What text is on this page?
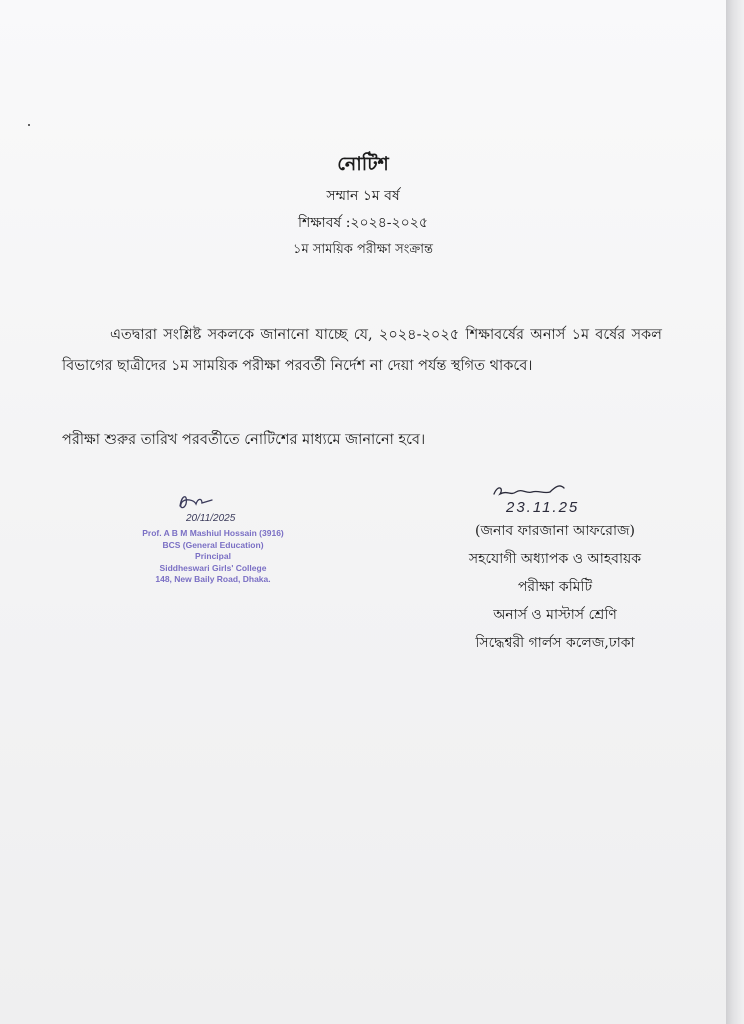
নোটিশ
সম্মান ১ম বর্ষ
শিক্ষাবর্ষ :২০২৪-২০২৫
১ম সাময়িক পরীক্ষা সংক্রান্ত
এতদ্বারা সংশ্লিষ্ট সকলকে জানানো যাচ্ছে যে, ২০২৪-২০২৫ শিক্ষাবর্ষের অনার্স ১ম বর্ষের সকল বিভাগের ছাত্রীদের ১ম সাময়িক পরীক্ষা পরবর্তী নির্দেশ না দেয়া পর্যন্ত স্থগিত থাকবে।
পরীক্ষা শুরুর তারিখ পরবর্তীতে নোটিশের মাধ্যমে জানানো হবে।
20/11/2025
Prof. A B M Mashiul Hossain (3916)
BCS (General Education)
Principal
Siddheswari Girls' College
148, New Baily Road, Dhaka.
23.11.25
(জনাব ফারজানা আফরোজ)
সহযোগী অধ্যাপক ও আহবায়ক
পরীক্ষা কমিটি
অনার্স ও মাস্টার্স শ্রেণি
সিদ্ধেশ্বরী গার্লস কলেজ,ঢাকা
